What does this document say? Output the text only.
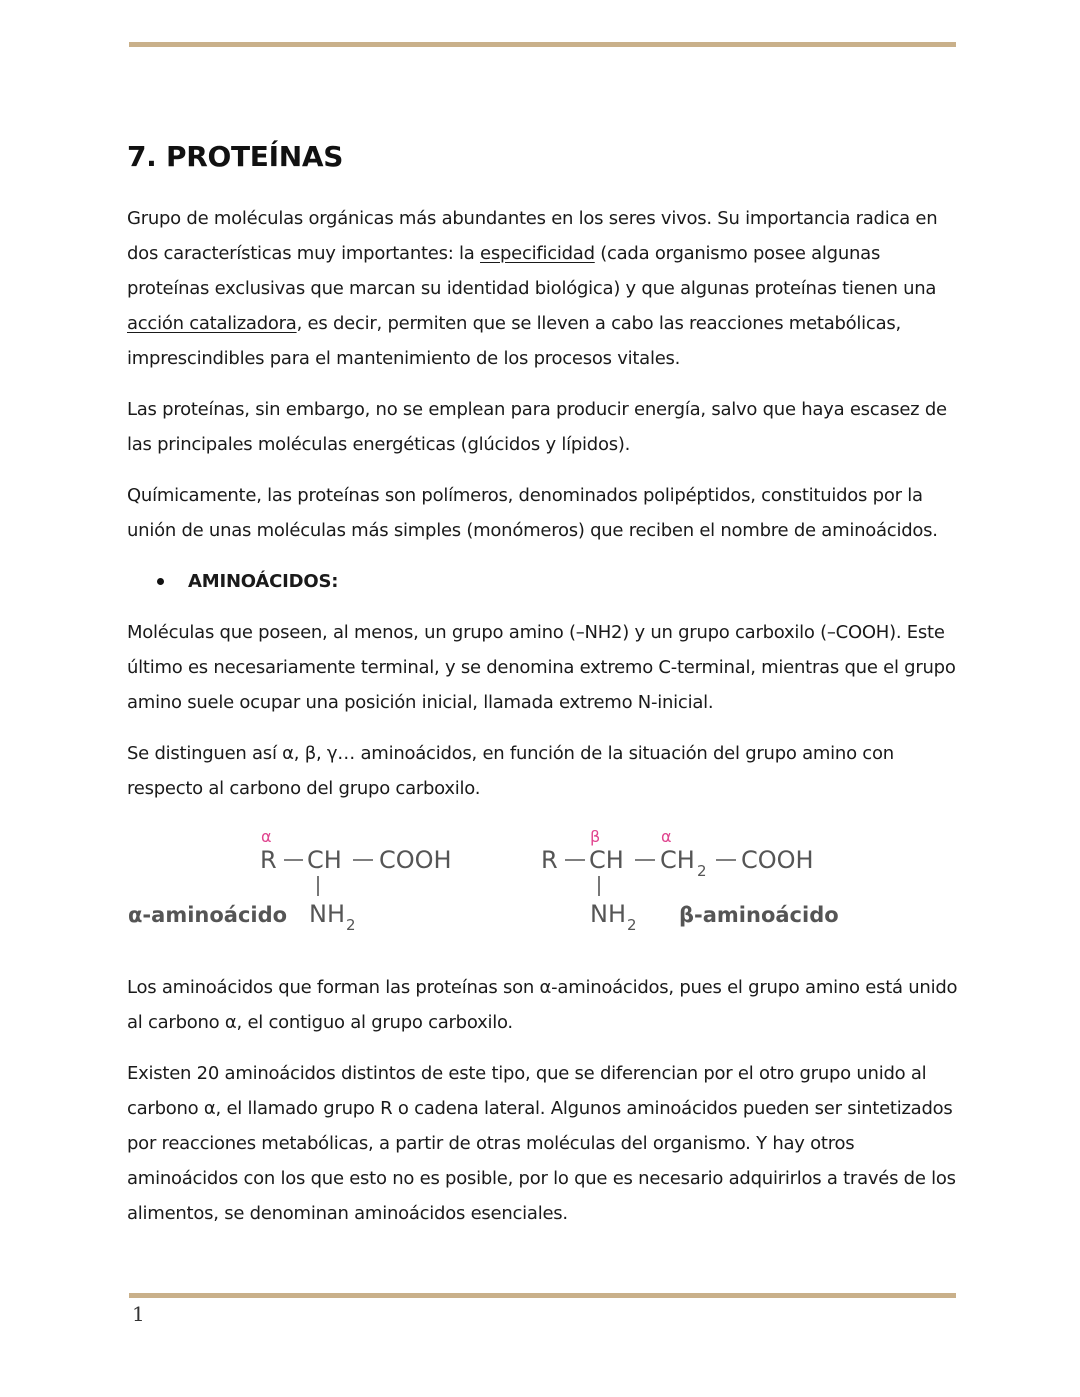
7. PROTEÍNAS

Grupo de moléculas orgánicas más abundantes en los seres vivos. Su importancia radica en dos características muy importantes: la especificidad (cada organismo posee algunas proteínas exclusivas que marcan su identidad biológica) y que algunas proteínas tienen una acción catalizadora, es decir, permiten que se lleven a cabo las reacciones metabólicas, imprescindibles para el mantenimiento de los procesos vitales.

Las proteínas, sin embargo, no se emplean para producir energía, salvo que haya escasez de las principales moléculas energéticas (glúcidos y lípidos).

Químicamente, las proteínas son polímeros, denominados polipéptidos, constituidos por la unión de unas moléculas más simples (monómeros) que reciben el nombre de aminoácidos.

AMINOÁCIDOS:

Moléculas que poseen, al menos, un grupo amino (–NH2) y un grupo carboxilo (–COOH). Este último es necesariamente terminal, y se denomina extremo C-terminal, mientras que el grupo amino suele ocupar una posición inicial, llamada extremo N-inicial.

Se distinguen así α, β, γ… aminoácidos, en función de la situación del grupo amino con respecto al carbono del grupo carboxilo.

α
R CH COOH
NH 2
α-aminoácido
β	α
R CH CH 2 COOH
NH 2 β-aminoácido

Los aminoácidos que forman las proteínas son α-aminoácidos, pues el grupo amino está unido al carbono α, el contiguo al grupo carboxilo.

Existen 20 aminoácidos distintos de este tipo, que se diferencian por el otro grupo unido al carbono α, el llamado grupo R o cadena lateral. Algunos aminoácidos pueden ser sintetizados por reacciones metabólicas, a partir de otras moléculas del organismo. Y hay otros aminoácidos con los que esto no es posible, por lo que es necesario adquirirlos a través de los alimentos, se denominan aminoácidos esenciales.

1
